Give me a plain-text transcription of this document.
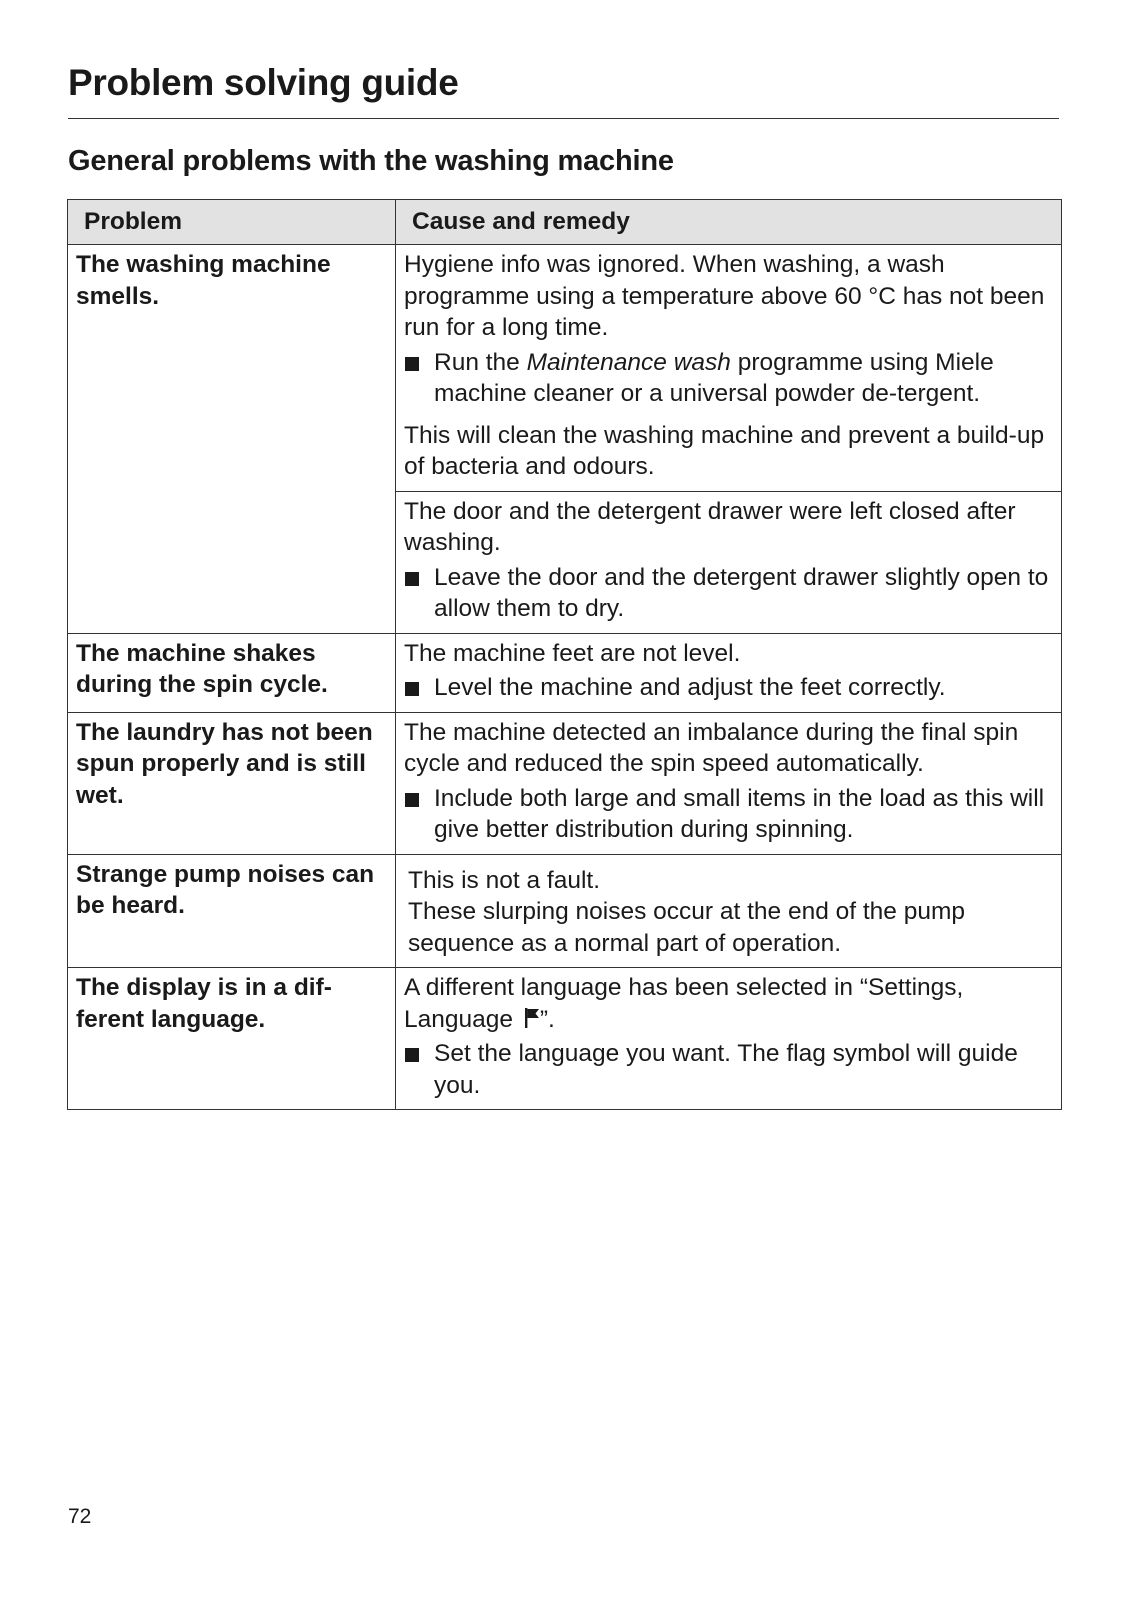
Problem solving guide
General problems with the washing machine
Problem	Cause and remedy
The washing machine smells.	Hygiene info was ignored. When washing, a wash programme using a temperature above 60 °C has not been run for a long time.

Run the Maintenance wash programme using Miele machine cleaner or a universal powder de-tergent.

This will clean the washing machine and prevent a build-up of bacteria and odours.

	The door and the detergent drawer were left closed after washing.

Leave the door and the detergent drawer slightly open to allow them to dry.

The machine shakes during the spin cycle.	The machine feet are not level.

Level the machine and adjust the feet correctly.

The laundry has not been spun properly and is still wet.	The machine detected an imbalance during the final spin cycle and reduced the spin speed automatically.

Include both large and small items in the load as this will give better distribution during spinning.

Strange pump noises can be heard.	This is not a fault.

These slurping noises occur at the end of the pump sequence as a normal part of operation.

The display is in a dif-ferent language.	A different language has been selected in “Settings, Language ”.

Set the language you want. The flag symbol will guide you.
72
